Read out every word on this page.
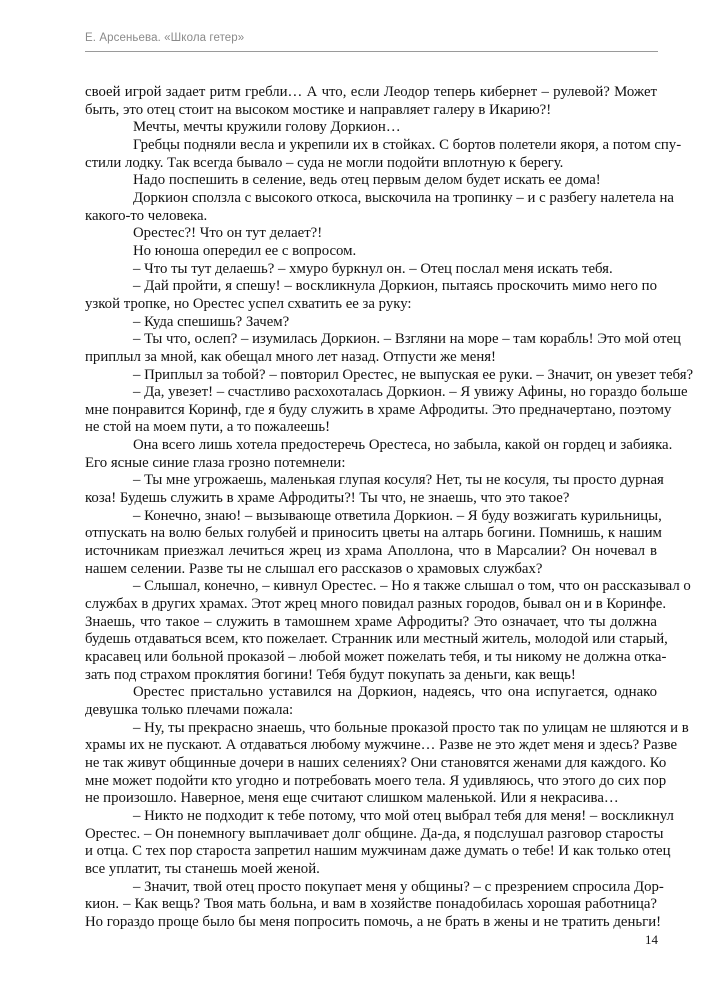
Е. Арсеньева. «Школа гетер»
своей игрой задает ритм гребли… А что, если Леодор теперь кибернет – рулевой? Может
быть, это отец стоит на высоком мостике и направляет галеру в Икарию?!
Мечты, мечты кружили голову Доркион…
Гребцы подняли весла и укрепили их в стойках. С бортов полетели якоря, а потом спу-
стили лодку. Так всегда бывало – суда не могли подойти вплотную к берегу.
Надо поспешить в селение, ведь отец первым делом будет искать ее дома!
Доркион сползла с высокого откоса, выскочила на тропинку – и с разбегу налетела на
какого-то человека.
Орестес?! Что он тут делает?!
Но юноша опередил ее с вопросом.
– Что ты тут делаешь? – хмуро буркнул он. – Отец послал меня искать тебя.
– Дай пройти, я спешу! – воскликнула Доркион, пытаясь проскочить мимо него по
узкой тропке, но Орестес успел схватить ее за руку:
– Куда спешишь? Зачем?
– Ты что, ослеп? – изумилась Доркион. – Взгляни на море – там корабль! Это мой отец
приплыл за мной, как обещал много лет назад. Отпусти же меня!
– Приплыл за тобой? – повторил Орестес, не выпуская ее руки. – Значит, он увезет тебя?
– Да, увезет! – счастливо расхохоталась Доркион. – Я увижу Афины, но гораздо больше
мне понравится Коринф, где я буду служить в храме Афродиты. Это предначертано, поэтому
не стой на моем пути, а то пожалеешь!
Она всего лишь хотела предостеречь Орестеса, но забыла, какой он гордец и забияка.
Его ясные синие глаза грозно потемнели:
– Ты мне угрожаешь, маленькая глупая косуля? Нет, ты не косуля, ты просто дурная
коза! Будешь служить в храме Афродиты?! Ты что, не знаешь, что это такое?
– Конечно, знаю! – вызывающе ответила Доркион. – Я буду возжигать курильницы,
отпускать на волю белых голубей и приносить цветы на алтарь богини. Помнишь, к нашим
источникам приезжал лечиться жрец из храма Аполлона, что в Марсалии? Он ночевал в
нашем селении. Разве ты не слышал его рассказов о храмовых службах?
– Слышал, конечно, – кивнул Орестес. – Но я также слышал о том, что он рассказывал о
службах в других храмах. Этот жрец много повидал разных городов, бывал он и в Коринфе.
Знаешь, что такое – служить в тамошнем храме Афродиты? Это означает, что ты должна
будешь отдаваться всем, кто пожелает. Странник или местный житель, молодой или старый,
красавец или больной проказой – любой может пожелать тебя, и ты никому не должна отка-
зать под страхом проклятия богини! Тебя будут покупать за деньги, как вещь!
Орестес пристально уставился на Доркион, надеясь, что она испугается, однако
девушка только плечами пожала:
– Ну, ты прекрасно знаешь, что больные проказой просто так по улицам не шляются и в
храмы их не пускают. А отдаваться любому мужчине… Разве не это ждет меня и здесь? Разве
не так живут общинные дочери в наших селениях? Они становятся женами для каждого. Ко
мне может подойти кто угодно и потребовать моего тела. Я удивляюсь, что этого до сих пор
не произошло. Наверное, меня еще считают слишком маленькой. Или я некрасива…
– Никто не подходит к тебе потому, что мой отец выбрал тебя для меня! – воскликнул
Орестес. – Он понемногу выплачивает долг общине. Да-да, я подслушал разговор старосты
и отца. С тех пор староста запретил нашим мужчинам даже думать о тебе! И как только отец
все уплатит, ты станешь моей женой.
– Значит, твой отец просто покупает меня у общины? – с презрением спросила Дор-
кион. – Как вещь? Твоя мать больна, и вам в хозяйстве понадобилась хорошая работница?
Но гораздо проще было бы меня попросить помочь, а не брать в жены и не тратить деньги!
14
